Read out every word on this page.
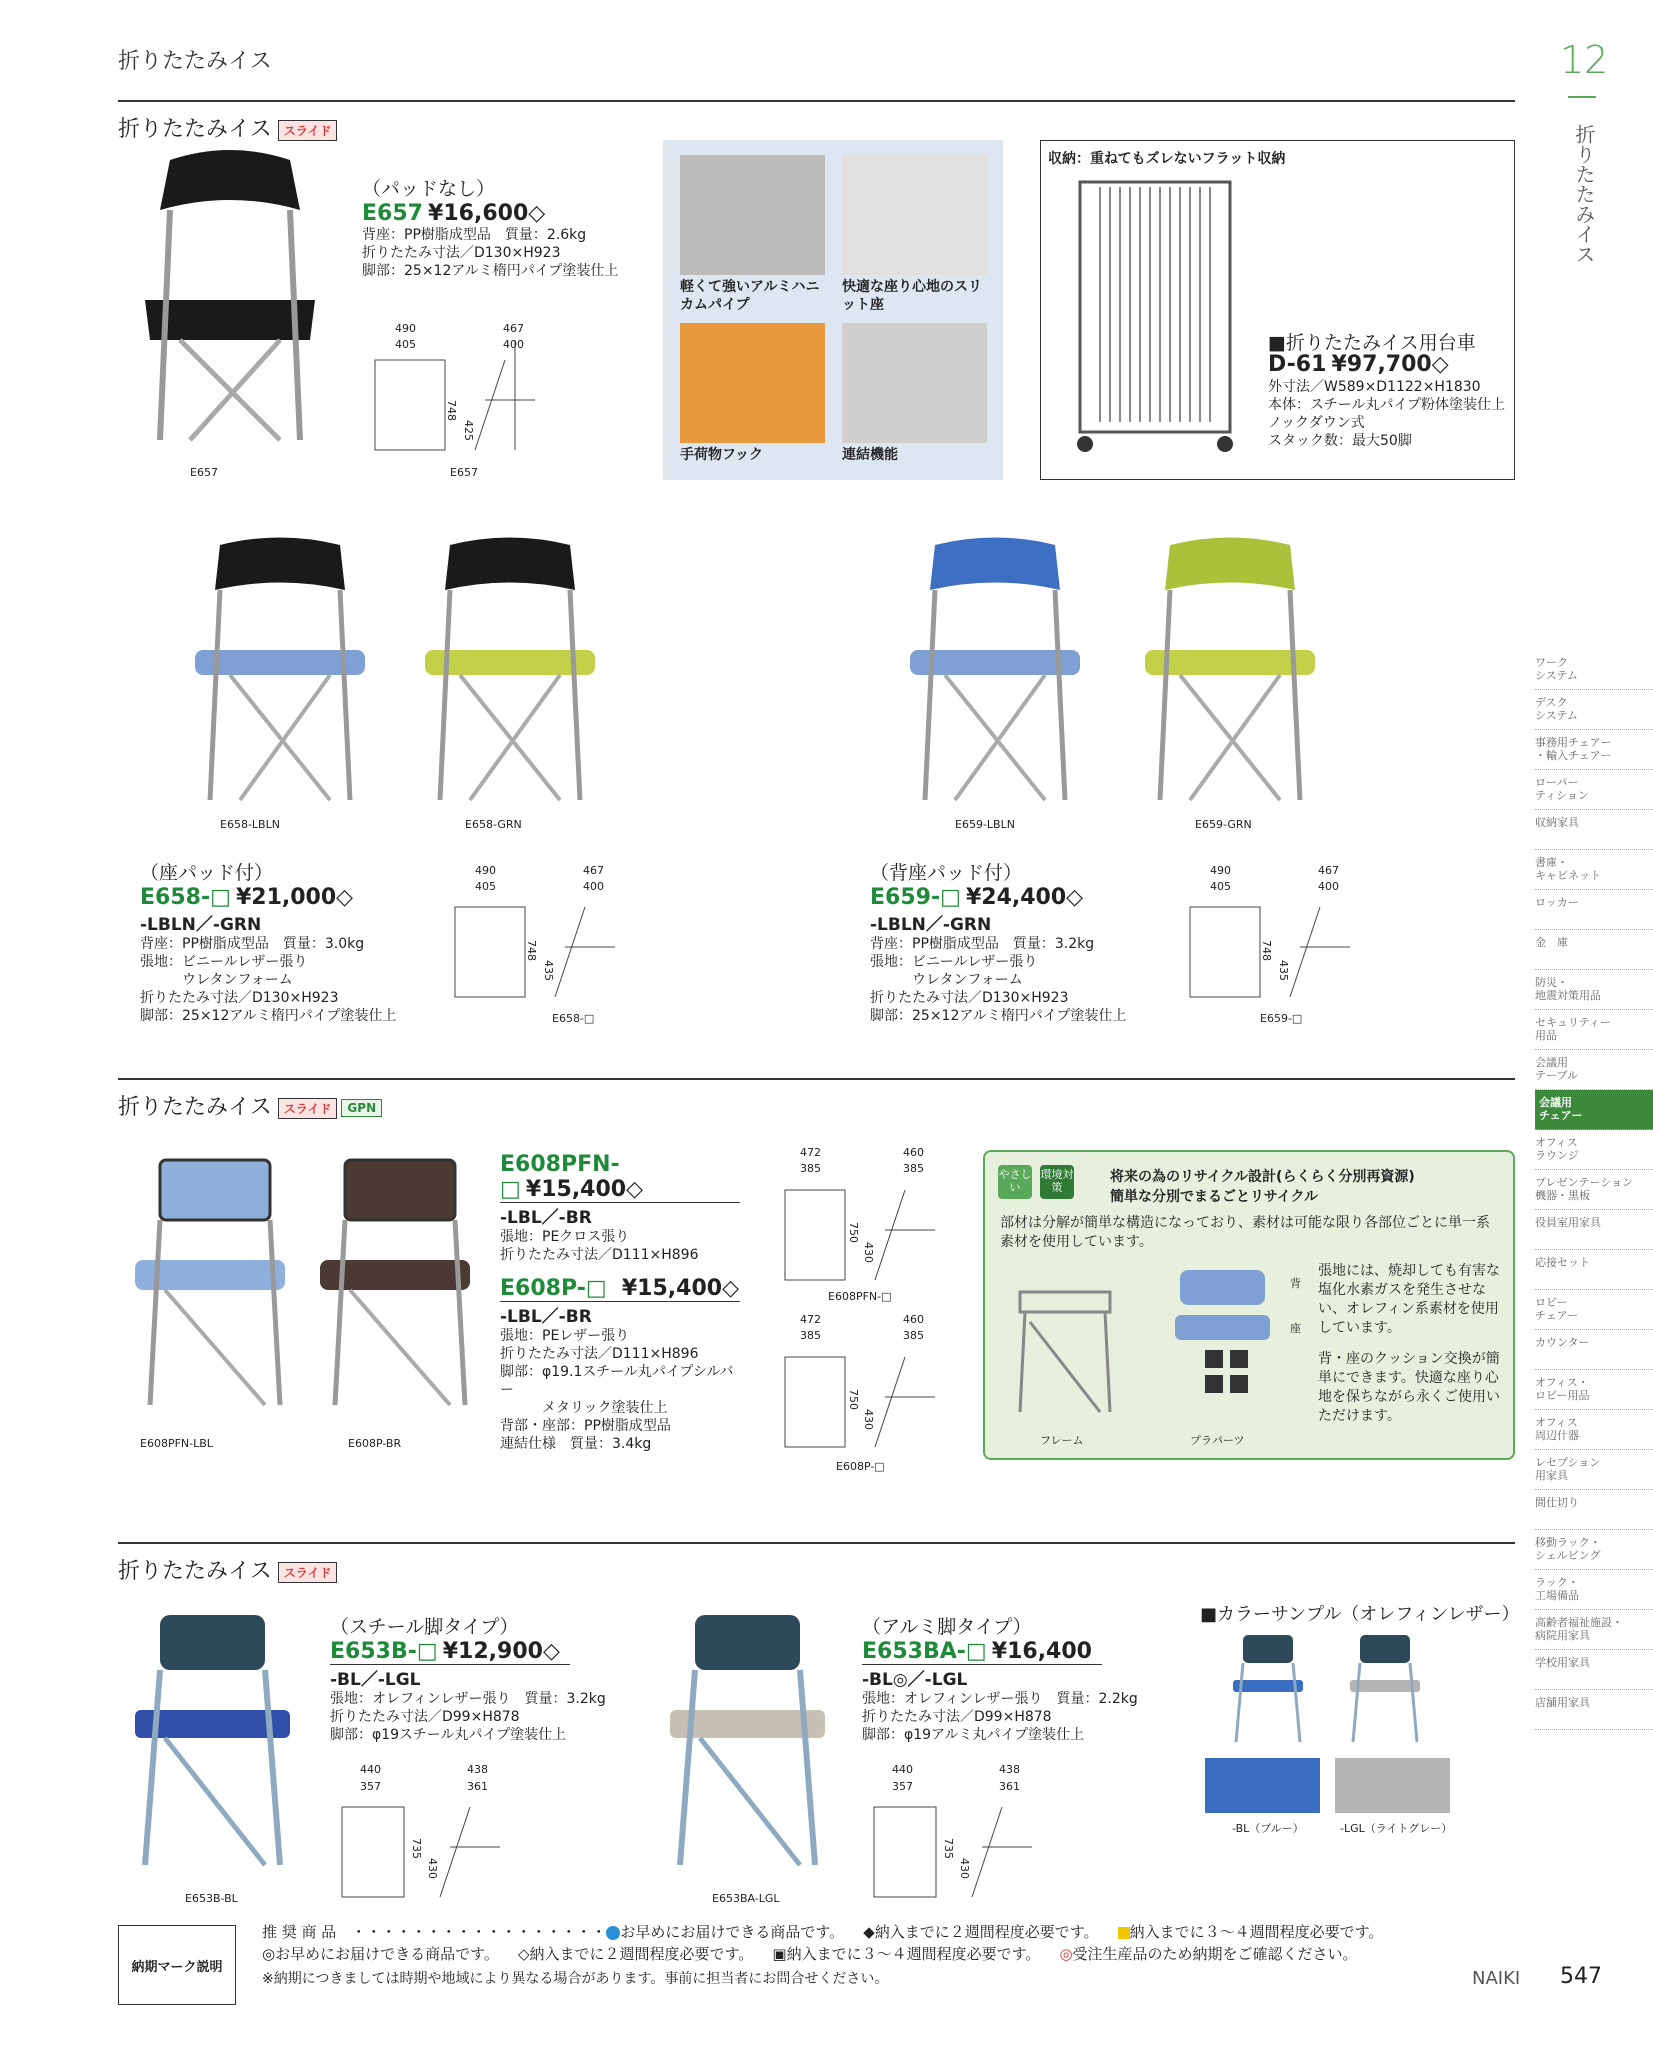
折りたたみイス	12
折りたたみイス
折りたたみイス スライド
E657
（パッドなし）
E657 ¥16,600◇
背座：PP樹脂成型品　質量：2.6kg
折りたたみ寸法／D130×H923
脚部：25×12アルミ楕円パイプ塗装仕上
490
405
467
400
748
425
E657
軽くて強いアルミハニカムパイプ
快適な座り心地のスリット座
手荷物フック	連結機能
収納：重ねてもズレないフラット収納
■折りたたみイス用台車
D-61 ¥97,700◇
外寸法／W589×D1122×H1830
本体：スチール丸パイプ粉体塗装仕上
ノックダウン式
スタック数：最大50脚
E658-LBLN	E658-GRN	E659-LBLN	E659-GRN
（座パッド付）
E658-□ ¥21,000◇
-LBLN／-GRN
背座：PP樹脂成型品　質量：3.0kg
張地：ビニールレザー張り
　　　ウレタンフォーム
折りたたみ寸法／D130×H923
脚部：25×12アルミ楕円パイプ塗装仕上
490
405
467
400
748
435
E658-□
（背座パッド付）
E659-□ ¥24,400◇
-LBLN／-GRN
背座：PP樹脂成型品　質量：3.2kg
張地：ビニールレザー張り
　　　ウレタンフォーム
折りたたみ寸法／D130×H923
脚部：25×12アルミ楕円パイプ塗装仕上
490
405
467
400
748
435
E659-□
折りたたみイス スライド GPN
E608PFN-LBL	E608P-BR
E608PFN-□ ¥15,400◇
-LBL／-BR
張地：PEクロス張り
折りたたみ寸法／D111×H896
E608P-□ ¥15,400◇
-LBL／-BR
張地：PEレザー張り
折りたたみ寸法／D111×H896
脚部：φ19.1スチール丸パイプシルバー
　　　メタリック塗装仕上
背部・座部：PP樹脂成型品
連結仕様　質量：3.4kg
472
385
460
385
750
430
E608PFN-□
472
385
460
385
750
430
E608P-□
やさしい
環境対策
将来の為のリサイクル設計(らくらく分別再資源)
簡単な分別でまるごとリサイクル
部材は分解が簡単な構造になっており、素材は可能な限り各部位ごとに単一系素材を使用しています。
フレーム
背
座
プラパーツ
張地には、焼却しても有害な塩化水素ガスを発生させない、オレフィン系素材を使用しています。
背・座のクッション交換が簡単にできます。快適な座り心地を保ちながら永くご使用いただけます。
折りたたみイス スライド
E653B-BL	E653BA-LGL
（スチール脚タイプ）
E653B-□ ¥12,900◇
-BL／-LGL
張地：オレフィンレザー張り　質量：3.2kg
折りたたみ寸法／D99×H878
脚部：φ19スチール丸パイプ塗装仕上
440
357
438
361
735
430
（アルミ脚タイプ）
E653BA-□ ¥16,400
-BL◎／-LGL
張地：オレフィンレザー張り　質量：2.2kg
折りたたみ寸法／D99×H878
脚部：φ19アルミ丸パイプ塗装仕上
440
357
438
361
735
430
■カラーサンプル（オレフィンレザー）
-BL（ブルー）	-LGL（ライトグレー）
ワーク
システム
デスク
システム
事務用チェアー
・輸入チェアー
ローパー
ティション
収納家具
書庫・
キャビネット
ロッカー
金　庫
防災・
地震対策用品
セキュリティー
用品
会議用
テーブル
会議用
チェアー
オフィス
ラウンジ
プレゼンテーション
機器・黒板
役員室用家具
応接セット
ロビー
チェアー
カウンター
オフィス・
ロビー用品
オフィス
周辺什器
レセプション
用家具
間仕切り
移動ラック・
シェルビング
ラック・
工場備品
高齢者福祉施設・
病院用家具
学校用家具
店舗用家具
納期マーク説明
推 奨 商 品　・・・・・・・・・・・・・・・・・ お早めにお届けできる商品です。 ◆納入までに２週間程度必要です。 納入までに３～４週間程度必要です。
◎お早めにお届けできる商品です。 ◇納入までに２週間程度必要です。 ▣納入までに３～４週間程度必要です。 ◎受注生産品のため納期をご確認ください。
※納期につきましては時期や地域により異なる場合があります。事前に担当者にお問合せください。	NAIKI 547
